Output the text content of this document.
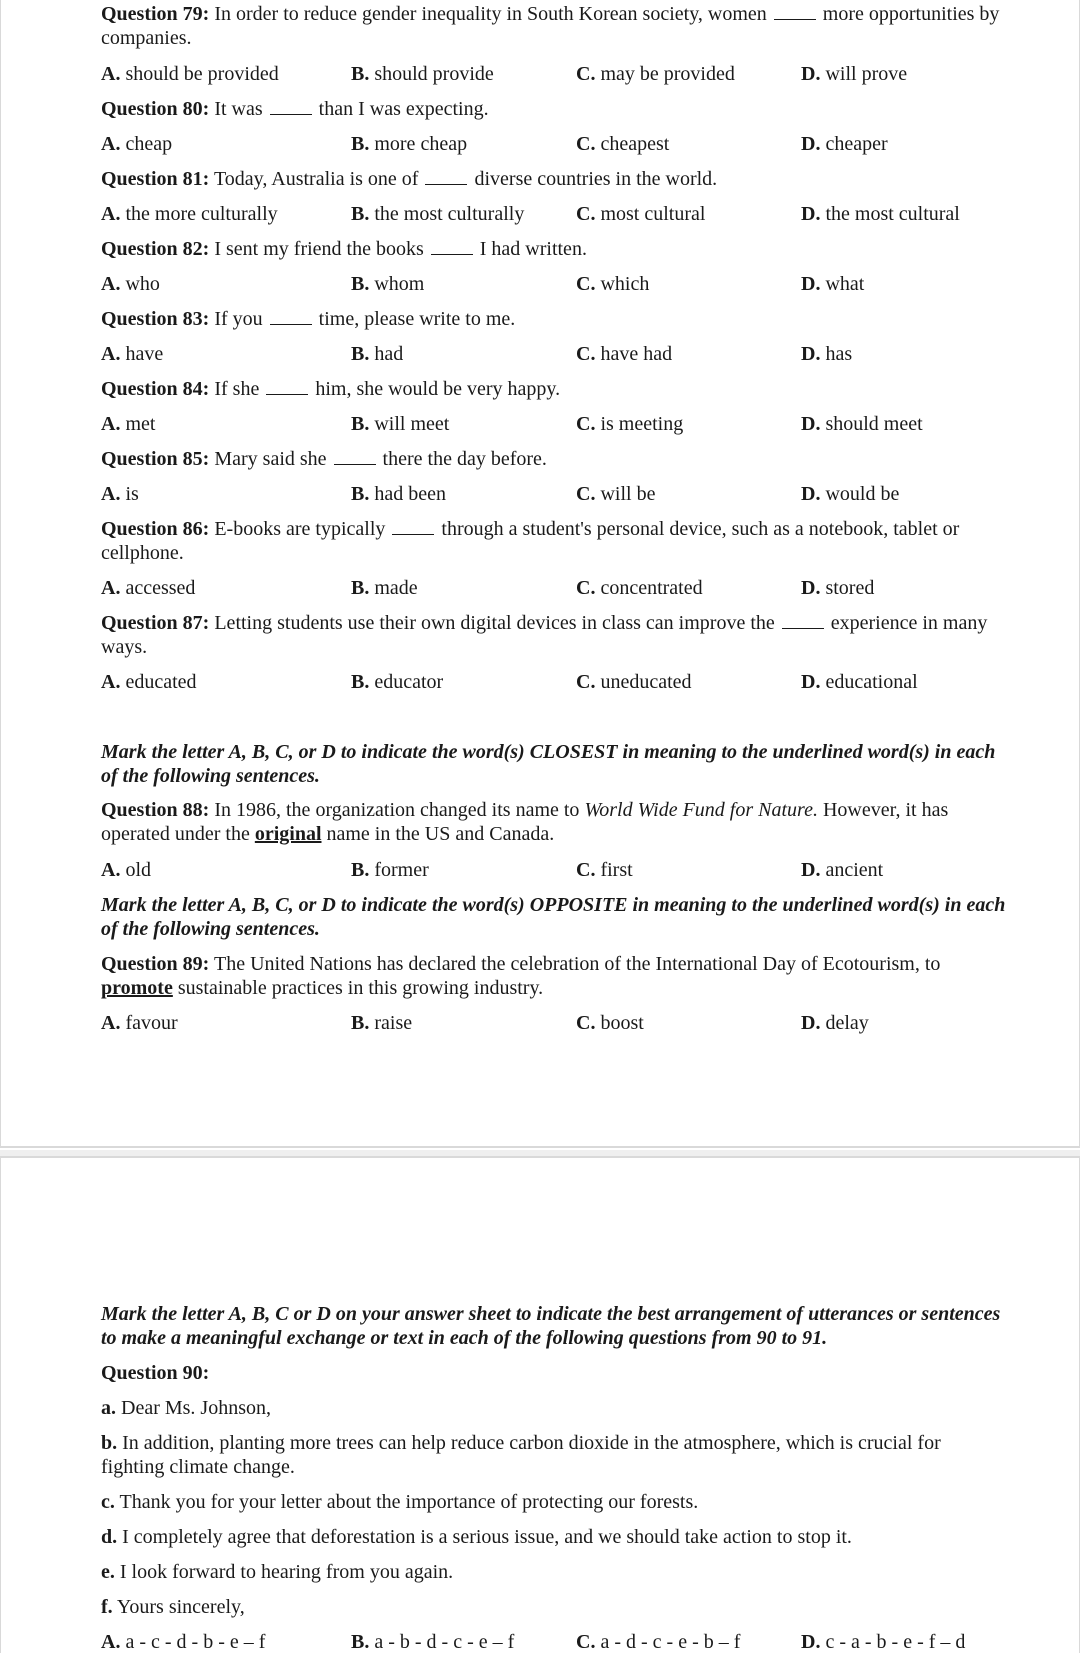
Question 79: In order to reduce gender inequality in South Korean society, women	more opportunities by companies.

A. should be provided	B. should provide	C. may be provided	D. will prove

Question 80: It was	than I was expecting.

A. cheap	B. more cheap	C. cheapest	D. cheaper

Question 81: Today, Australia is one of	diverse countries in the world.

A. the more culturally	B. the most culturally	C. most cultural	D. the most cultural

Question 82: I sent my friend the books	I had written.

A. who	B. whom	C. which	D. what

Question 83: If you	time, please write to me.

A. have	B. had	C. have had	D. has

Question 84: If she	him, she would be very happy.

A. met	B. will meet	C. is meeting	D. should meet

Question 85: Mary said she	there the day before.

A. is	B. had been	C. will be	D. would be

Question 86: E-books are typically	through a student's personal device, such as a notebook, tablet or cellphone.

A. accessed	B. made	C. concentrated	D. stored

Question 87: Letting students use their own digital devices in class can improve the	experience in many ways.

A. educated	B. educator	C. uneducated	D. educational

Mark the letter A, B, C, or D to indicate the word(s) CLOSEST in meaning to the underlined word(s) in each of the following sentences.

Question 88: In 1986, the organization changed its name to World Wide Fund for Nature. However, it has operated under the original name in the US and Canada.

A. old	B. former	C. first	D. ancient

Mark the letter A, B, C, or D to indicate the word(s) OPPOSITE in meaning to the underlined word(s) in each of the following sentences.

Question 89: The United Nations has declared the celebration of the International Day of Ecotourism, to promote sustainable practices in this growing industry.

A. favour	B. raise	C. boost	D. delay

Mark the letter A, B, C or D on your answer sheet to indicate the best arrangement of utterances or sentences to make a meaningful exchange or text in each of the following questions from 90 to 91.

Question 90:

a. Dear Ms. Johnson,

b. In addition, planting more trees can help reduce carbon dioxide in the atmosphere, which is crucial for fighting climate change.

c. Thank you for your letter about the importance of protecting our forests.

d. I completely agree that deforestation is a serious issue, and we should take action to stop it.

e. I look forward to hearing from you again.

f. Yours sincerely,

A. a - c - d - b - e – f	B. a - b - d - c - e – f	C. a - d - c - e - b – f	D. c - a - b - e - f – d
